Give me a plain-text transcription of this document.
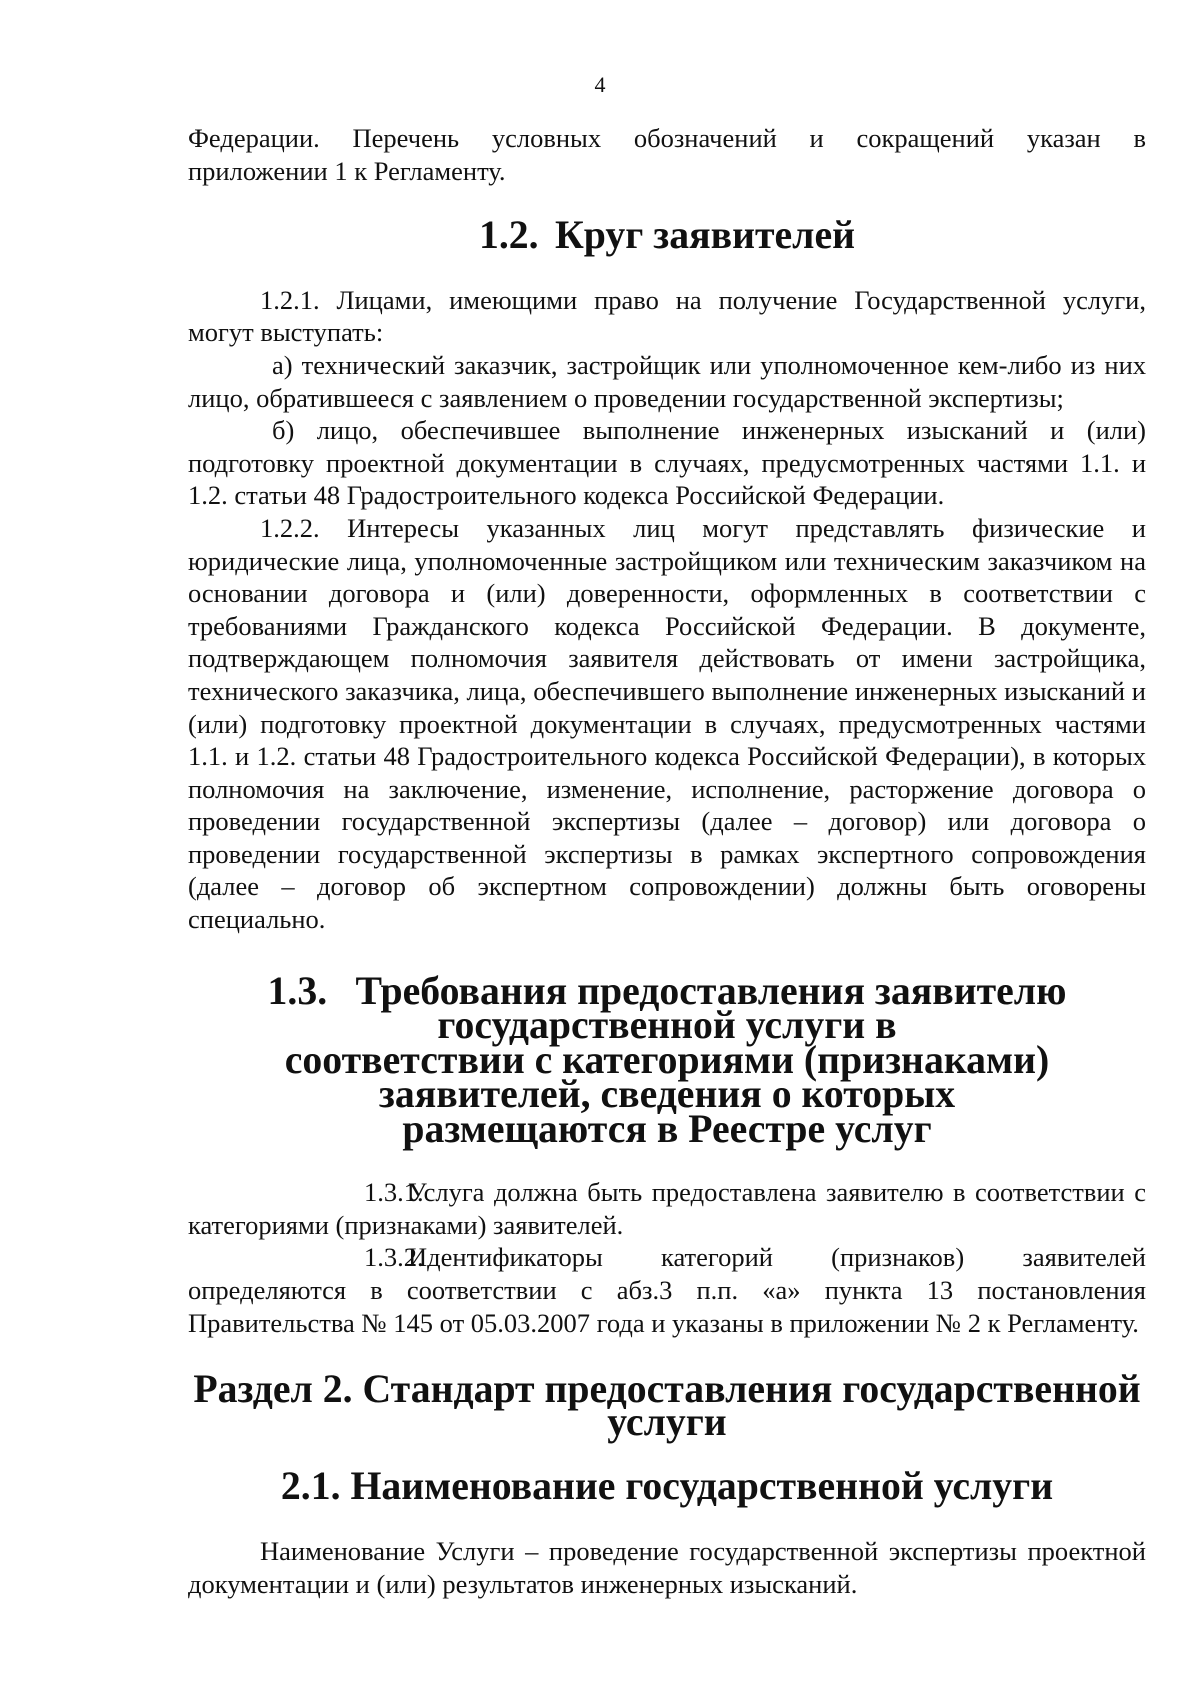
4

Федерации. Перечень условных обозначений и сокращений указан в

приложении 1 к Регламенту.

1.2. Круг заявителей

1.2.1. Лицами, имеющими право на получение Государственной услуги, могут выступать:

а) технический заказчик, застройщик или уполномоченное кем-либо из них лицо, обратившееся с заявлением о проведении государственной экспертизы;

б) лицо, обеспечившее выполнение инженерных изысканий и (или) подготовку проектной документации в случаях, предусмотренных частями 1.1. и 1.2. статьи 48 Градостроительного кодекса Российской Федерации.

1.2.2. Интересы указанных лиц могут представлять физические и юридические лица, уполномоченные застройщиком или техническим заказчиком на основании договора и (или) доверенности, оформленных в соответствии с требованиями Гражданского кодекса Российской Федерации. В документе, подтверждающем полномочия заявителя действовать от имени застройщика, технического заказчика, лица, обеспечившего выполнение инженерных изысканий и (или) подготовку проектной документации в случаях, предусмотренных частями 1.1. и 1.2. статьи 48 Градостроительного кодекса Российской Федерации), в которых полномочия на заключение, изменение, исполнение, расторжение договора о проведении государственной экспертизы (далее – договор) или договора о проведении государственной экспертизы в рамках экспертного сопровождения (далее – договор об экспертном сопровождении) должны быть оговорены специально.

1.3. Требования предоставления заявителю государственной услуги в
соответствии с категориями (признаками) заявителей, сведения о которых
размещаются в Реестре услуг

1.3.1.Услуга должна быть предоставлена заявителю в соответствии с категориями (признаками) заявителей.

1.3.2.Идентификаторы категорий (признаков) заявителей определяются в соответствии с абз.3 п.п. «а» пункта 13 постановления Правительства № 145 от 05.03.2007 года и указаны в приложении № 2 к Регламенту.

Раздел 2. Стандарт предоставления государственной услуги
2.1. Наименование государственной услуги

Наименование Услуги – проведение государственной экспертизы проектной документации и (или) результатов инженерных изысканий.
